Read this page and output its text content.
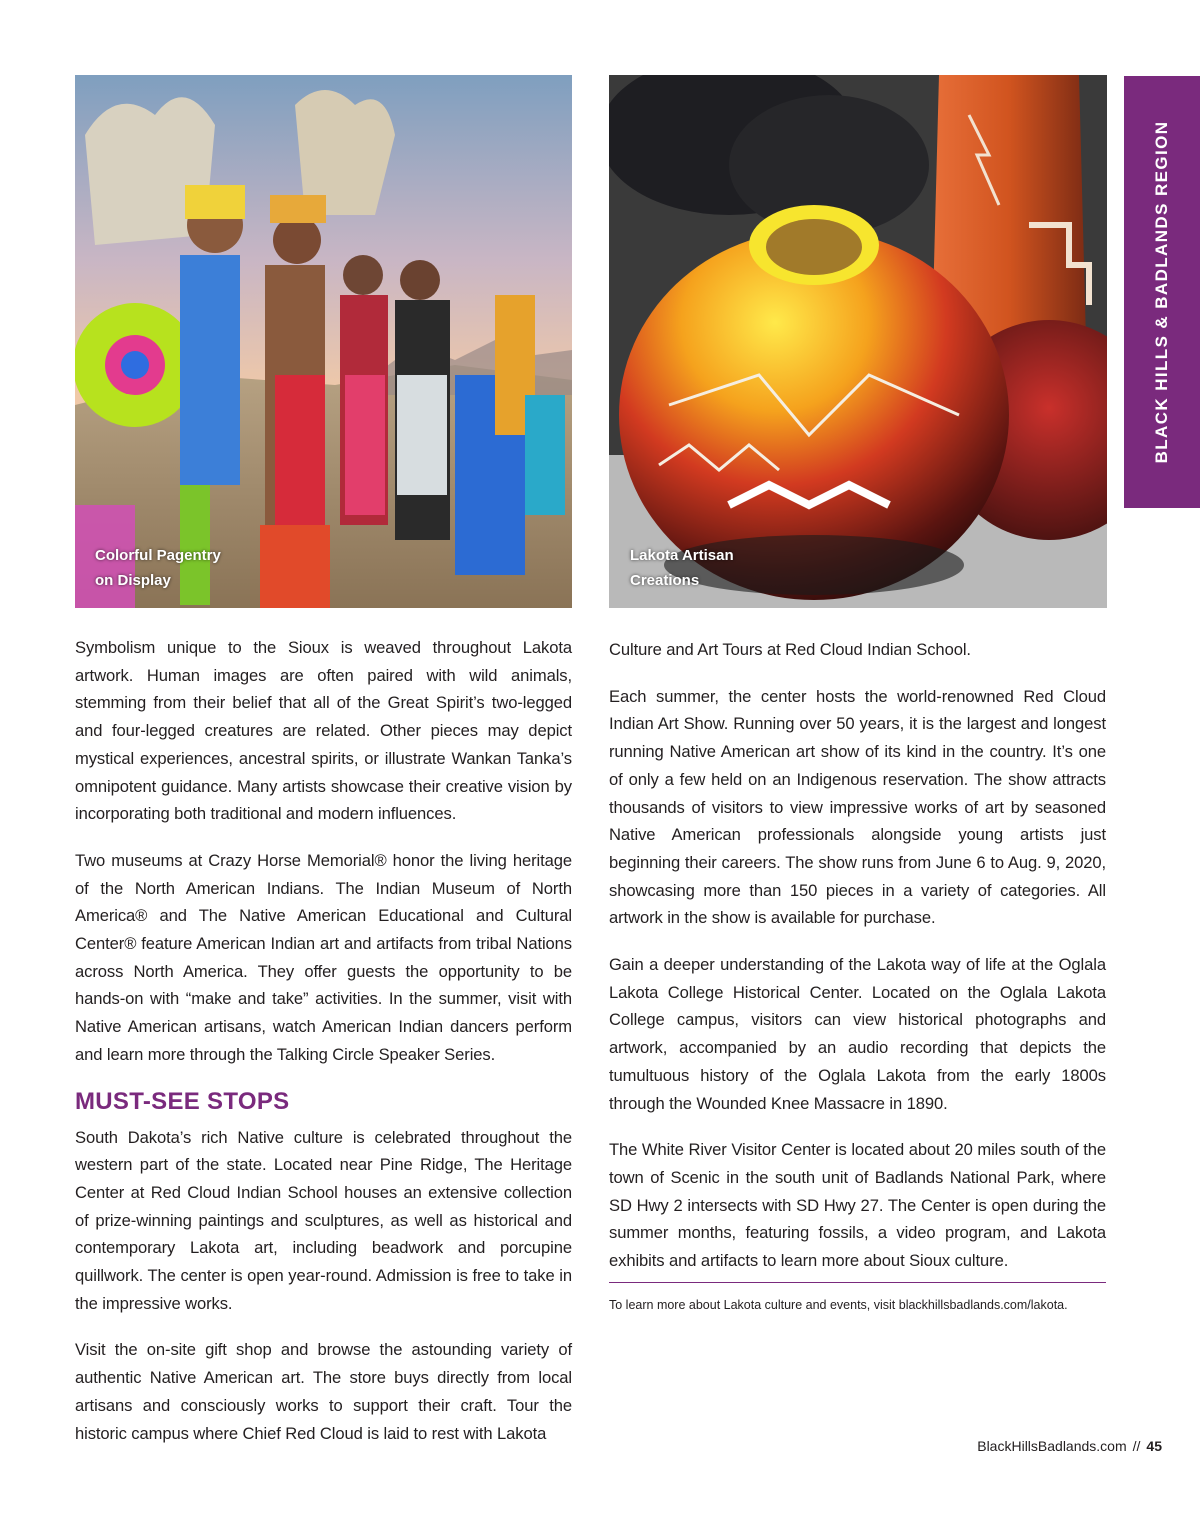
Colorful Pagentry
on Display
Lakota Artisan
Creations
BLACK HILLS & BADLANDS REGION

Symbolism unique to the Sioux is weaved throughout Lakota artwork. Human images are often paired with wild animals, stemming from their belief that all of the Great Spirit’s two-legged and four-legged creatures are related. Other pieces may depict mystical experiences, ancestral spirits, or illustrate Wankan Tanka’s omnipotent guidance. Many artists showcase their creative vision by incorporating both traditional and modern influences.

Two museums at Crazy Horse Memorial® honor the living heritage of the North American Indians. The Indian Museum of North America® and The Native American Educational and Cultural Center® feature American Indian art and artifacts from tribal Nations across North America. They offer guests the opportunity to be hands-on with “make and take” activities. In the summer, visit with Native American artisans, watch American Indian dancers perform and learn more through the Talking Circle Speaker Series.

MUST-SEE STOPS

South Dakota’s rich Native culture is celebrated throughout the western part of the state. Located near Pine Ridge, The Heritage Center at Red Cloud Indian School houses an extensive collection of prize-winning paintings and sculptures, as well as historical and contemporary Lakota art, including beadwork and porcupine quillwork. The center is open year-round. Admission is free to take in the impressive works.

Visit the on-site gift shop and browse the astounding variety of authentic Native American art. The store buys directly from local artisans and consciously works to support their craft. Tour the historic campus where Chief Red Cloud is laid to rest with Lakota

Culture and Art Tours at Red Cloud Indian School.

Each summer, the center hosts the world-renowned Red Cloud Indian Art Show. Running over 50 years, it is the largest and longest running Native American art show of its kind in the country. It’s one of only a few held on an Indigenous reservation. The show attracts thousands of visitors to view impressive works of art by seasoned Native American professionals alongside young artists just beginning their careers. The show runs from June 6 to Aug. 9, 2020, showcasing more than 150 pieces in a variety of categories. All artwork in the show is available for purchase.

Gain a deeper understanding of the Lakota way of life at the Oglala Lakota College Historical Center. Located on the Oglala Lakota College campus, visitors can view historical photographs and artwork, accompanied by an audio recording that depicts the tumultuous history of the Oglala Lakota from the early 1800s through the Wounded Knee Massacre in 1890.

The White River Visitor Center is located about 20 miles south of the town of Scenic in the south unit of Badlands National Park, where SD Hwy 2 intersects with SD Hwy 27. The Center is open during the summer months, featuring fossils, a video program, and Lakota exhibits and artifacts to learn more about Sioux culture.

To learn more about Lakota culture and events, visit blackhillsbadlands.com/lakota.
BlackHillsBadlands.com // 45
